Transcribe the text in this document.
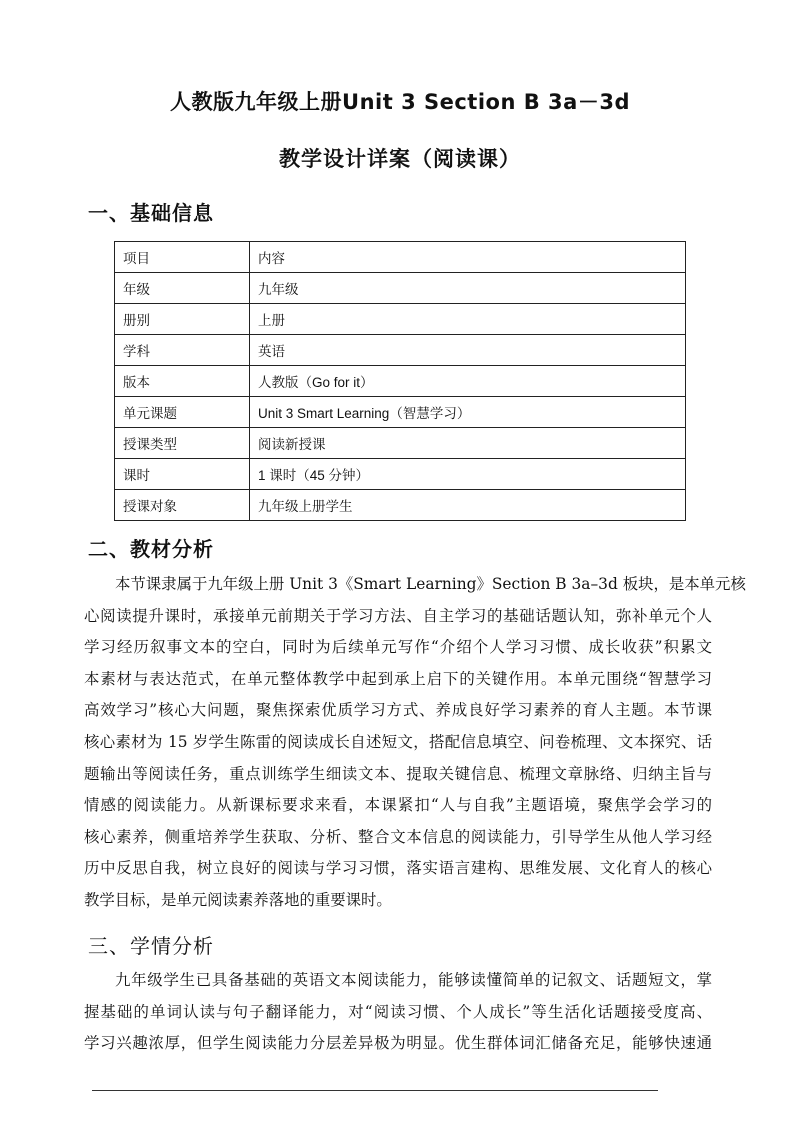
人教版九年级上册Unit 3 Section B 3a－3d
教学设计详案（阅读课）
一、基础信息
项目	内容
年级	九年级
册别	上册
学科	英语
版本	人教版（Go for it）
单元课题	Unit 3 Smart Learning（智慧学习）
授课类型	阅读新授课
课时	1 课时（45 分钟）
授课对象	九年级上册学生
二、教材分析
本节课隶属于九年级上册 Unit 3《Smart Learning》Section B 3a–3d 板块，是本单元核
心阅读提升课时，承接单元前期关于学习方法、自主学习的基础话题认知，弥补单元个人
学习经历叙事文本的空白，同时为后续单元写作“介绍个人学习习惯、成长收获”积累文
本素材与表达范式，在单元整体教学中起到承上启下的关键作用。本单元围绕“智慧学习
高效学习”核心大问题，聚焦探索优质学习方式、养成良好学习素养的育人主题。本节课
核心素材为 15 岁学生陈雷的阅读成长自述短文，搭配信息填空、问卷梳理、文本探究、话
题输出等阅读任务，重点训练学生细读文本、提取关键信息、梳理文章脉络、归纳主旨与
情感的阅读能力。从新课标要求来看，本课紧扣“人与自我”主题语境，聚焦学会学习的
核心素养，侧重培养学生获取、分析、整合文本信息的阅读能力，引导学生从他人学习经
历中反思自我，树立良好的阅读与学习习惯，落实语言建构、思维发展、文化育人的核心
教学目标，是单元阅读素养落地的重要课时。
三、学情分析
九年级学生已具备基础的英语文本阅读能力，能够读懂简单的记叙文、话题短文，掌
握基础的单词认读与句子翻译能力，对“阅读习惯、个人成长”等生活化话题接受度高、
学习兴趣浓厚，但学生阅读能力分层差异极为明显。优生群体词汇储备充足，能够快速通
